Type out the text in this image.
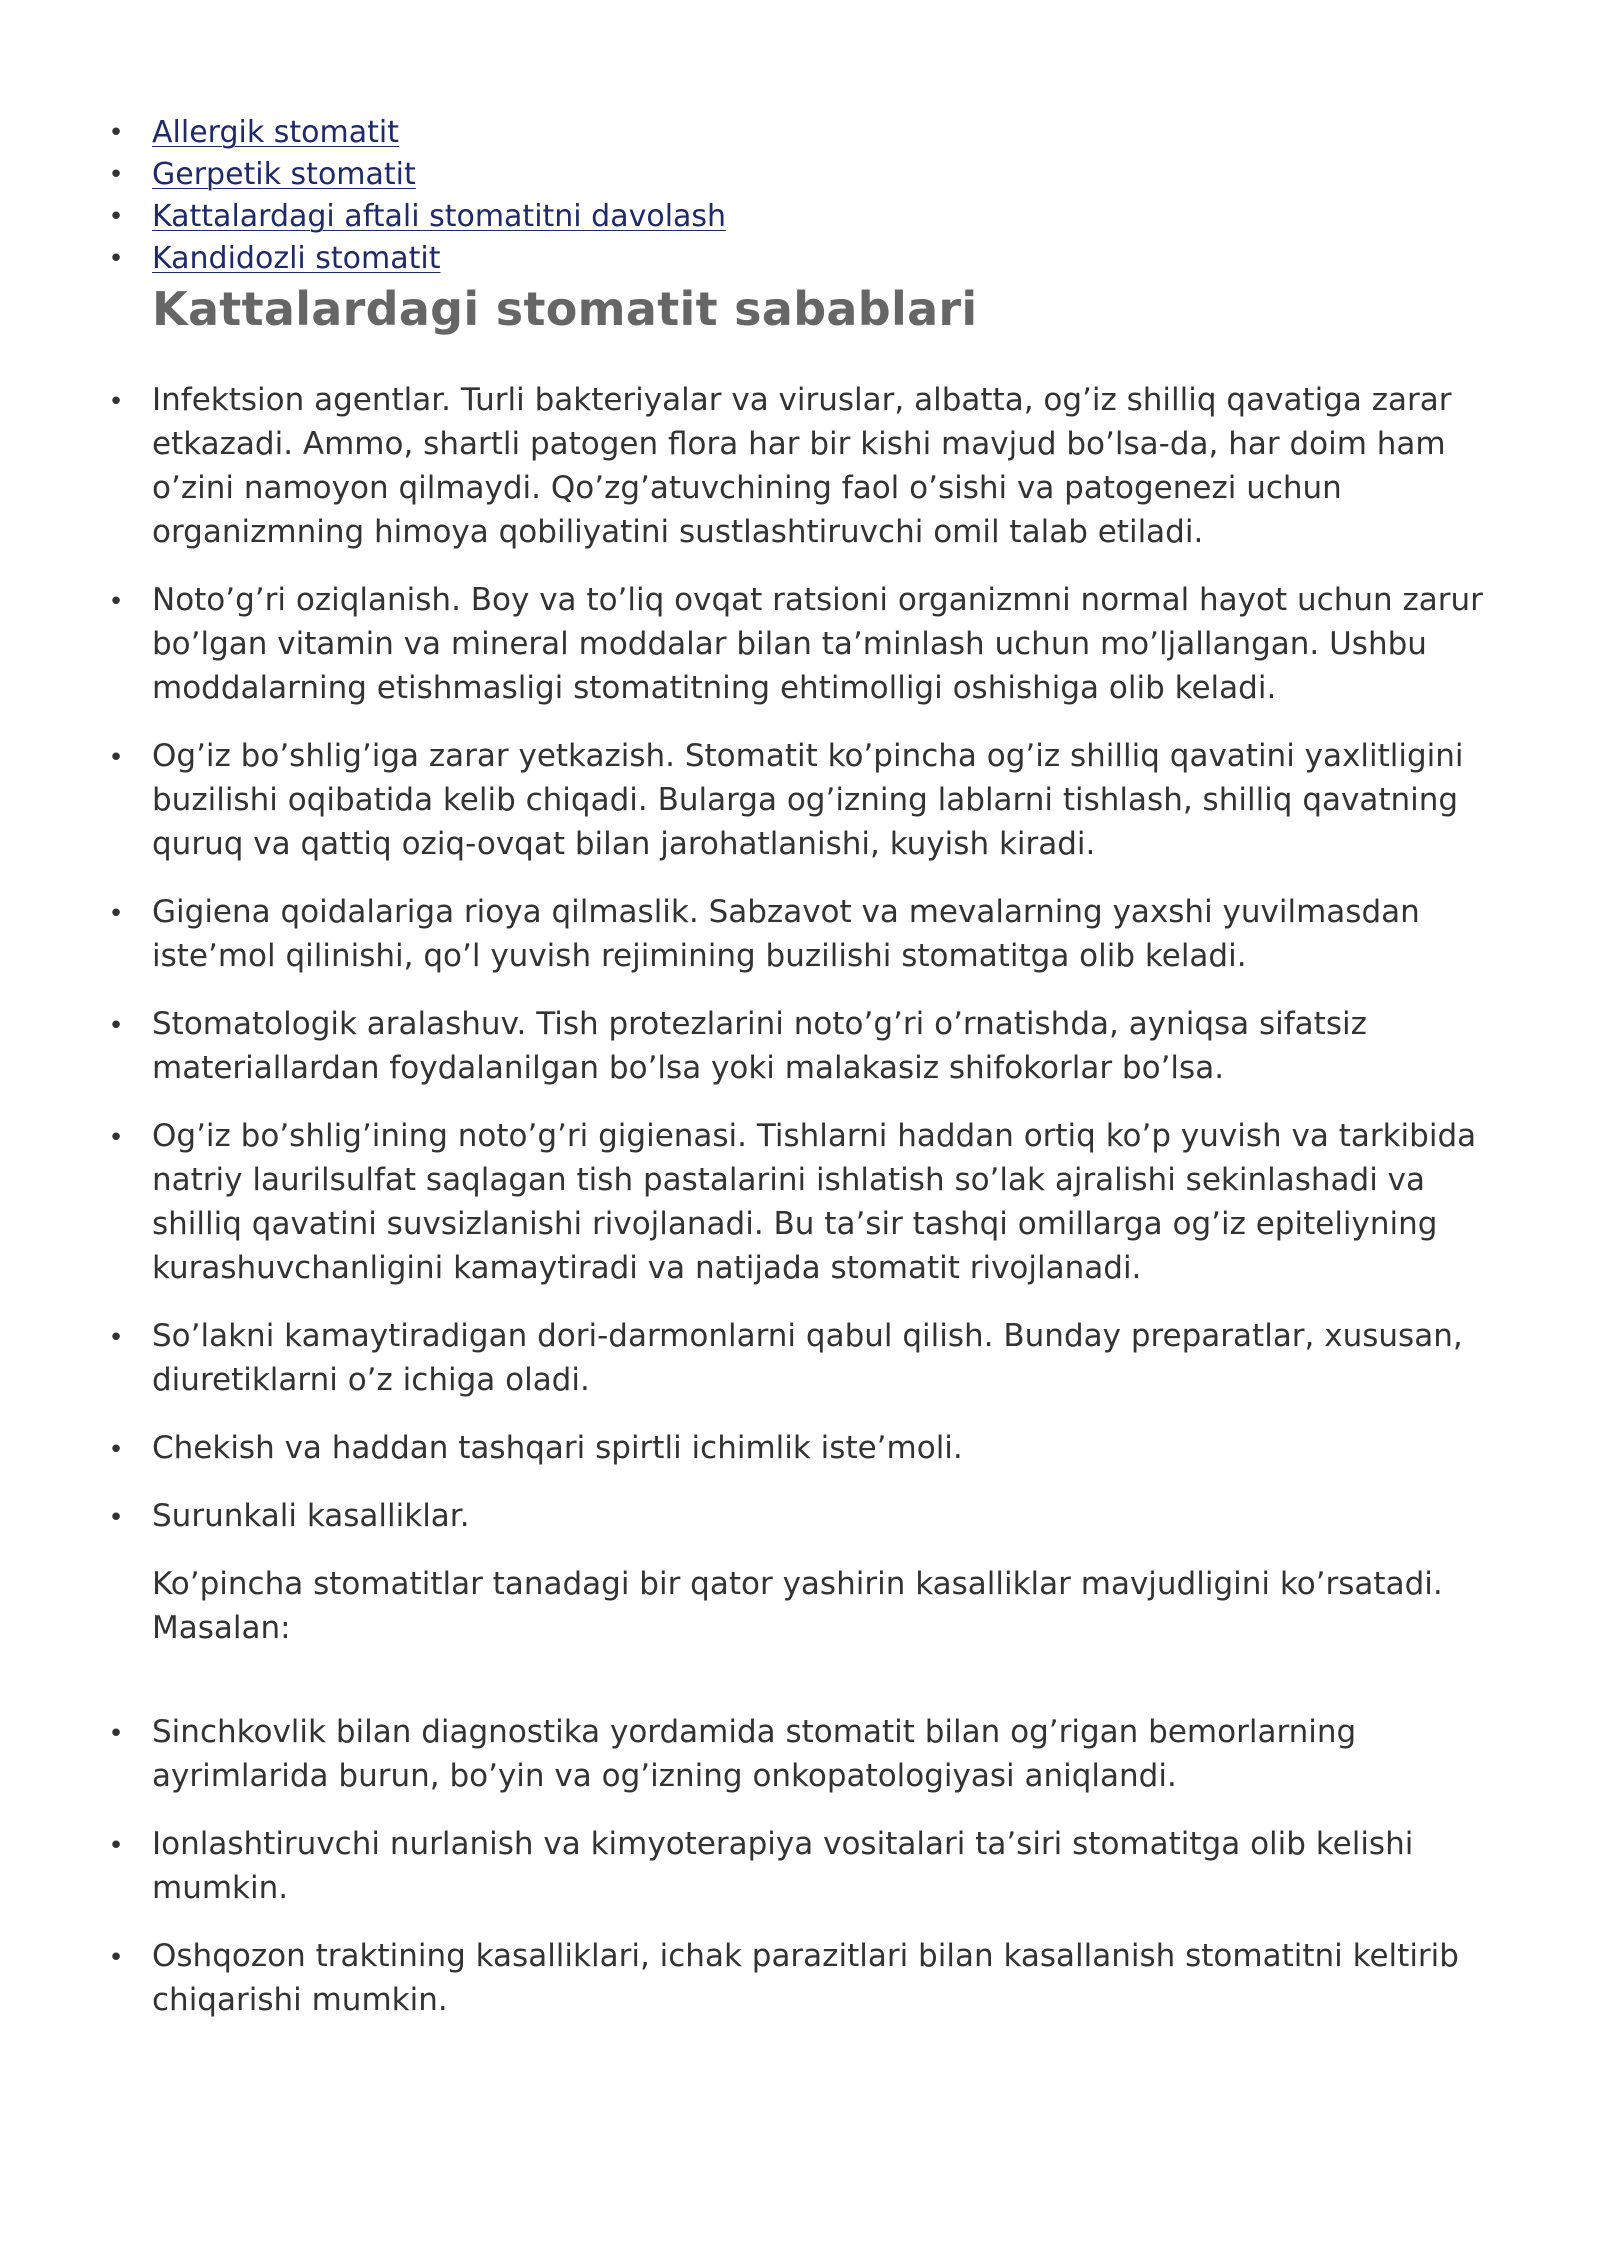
• Allergik stomatit
• Gerpetik stomatit
• Kattalardagi aftali stomatitni davolash
• Kandidozli stomatit
Kattalardagi stomatit sabablari
• Infektsion agentlar. Turli bakteriyalar va viruslar, albatta, og’iz shilliq qavatiga zarar etkazadi. Ammo, shartli patogen flora har bir kishi mavjud bo’lsa-da, har doim ham o’zini namoyon qilmaydi. Qo’zg’atuvchining faol o’sishi va patogenezi uchun organizmning himoya qobiliyatini sustlashtiruvchi omil talab etiladi.
• Noto’g’ri oziqlanish. Boy va to’liq ovqat ratsioni organizmni normal hayot uchun zarur bo’lgan vitamin va mineral moddalar bilan ta’minlash uchun mo’ljallangan. Ushbu moddalarning etishmasligi stomatitning ehtimolligi oshishiga olib keladi.
• Og’iz bo’shlig’iga zarar yetkazish. Stomatit ko’pincha og’iz shilliq qavatini yaxlitligini buzilishi oqibatida kelib chiqadi. Bularga og’izning lablarni tishlash, shilliq qavatning quruq va qattiq oziq-ovqat bilan jarohatlanishi, kuyish kiradi.
• Gigiena qoidalariga rioya qilmaslik. Sabzavot va mevalarning yaxshi yuvilmasdan iste’mol qilinishi, qo’l yuvish rejimining buzilishi stomatitga olib keladi.
• Stomatologik aralashuv. Tish protezlarini noto’g’ri o’rnatishda, ayniqsa sifatsiz materiallardan foydalanilgan bo’lsa yoki malakasiz shifokorlar bo’lsa.
• Og’iz bo’shlig’ining noto’g’ri gigienasi. Tishlarni haddan ortiq ko’p yuvish va tarkibida natriy laurilsulfat saqlagan tish pastalarini ishlatish so’lak ajralishi sekinlashadi va shilliq qavatini suvsizlanishi rivojlanadi. Bu ta’sir tashqi omillarga og’iz epiteliyning kurashuvchanligini kamaytiradi va natijada stomatit rivojlanadi.
• So’lakni kamaytiradigan dori-darmonlarni qabul qilish. Bunday preparatlar, xususan, diuretiklarni o’z ichiga oladi.
• Chekish va haddan tashqari spirtli ichimlik iste’moli.
• Surunkali kasalliklar.

Ko’pincha stomatitlar tanadagi bir qator yashirin kasalliklar mavjudligini ko’rsatadi. Masalan:

• Sinchkovlik bilan diagnostika yordamida stomatit bilan og’rigan bemorlarning ayrimlarida burun, bo’yin va og’izning onkopatologiyasi aniqlandi.
• Ionlashtiruvchi nurlanish va kimyoterapiya vositalari ta’siri stomatitga olib kelishi mumkin.
• Oshqozon traktining kasalliklari, ichak parazitlari bilan kasallanish stomatitni keltirib chiqarishi mumkin.
